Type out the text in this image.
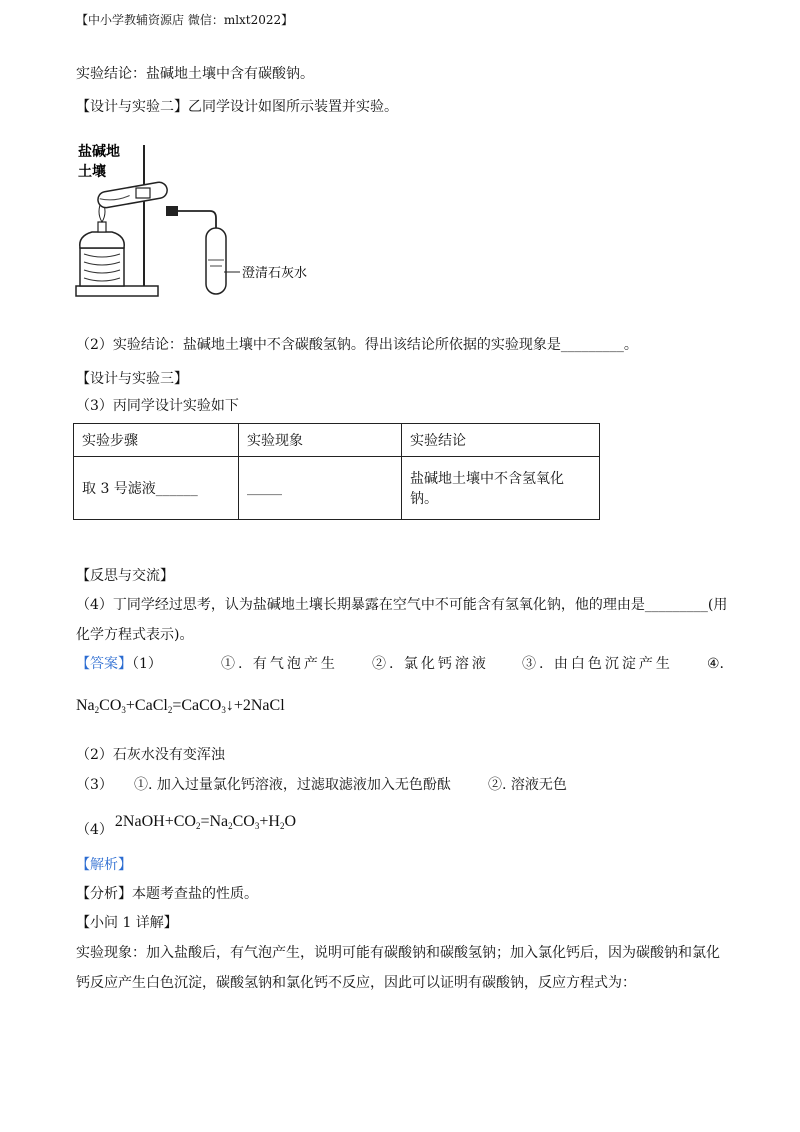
【中小学教辅资源店 微信：mlxt2022】
实验结论：盐碱地土壤中含有碳酸钠。
【设计与实验二】乙同学设计如图所示装置并实验。
盐碱地
土壤
澄清石灰水
（2）实验结论：盐碱地土壤中不含碳酸氢钠。得出该结论所依据的实验现象是_________。
【设计与实验三】
（3）丙同学设计实验如下
实验步骤	实验现象	实验结论
取 3 号滤液______	_____	盐碱地土壤中不含氢氧化钠。
【反思与交流】
（4）丁同学经过思考，认为盐碱地土壤长期暴露在空气中不可能含有氢氧化钠，他的理由是_________(用
化学方程式表示)。
【答案】（1）	①. 有气泡产生 ②. 氯化钙溶液 ③. 由白色沉淀产生 ④.
$Na_2CO_3+CaCl_2=CaCO_3↓+2NaCl$
（2）石灰水没有变浑浊
（3） ①. 加入过量氯化钙溶液，过滤取滤液加入无色酚酞	②. 溶液无色
（4） $2NaOH+CO_2=Na_2CO_3+H_2O$
【解析】
【分析】本题考查盐的性质。
【小问 1 详解】
实验现象：加入盐酸后，有气泡产生，说明可能有碳酸钠和碳酸氢钠；加入氯化钙后，因为碳酸钠和氯化
钙反应产生白色沉淀，碳酸氢钠和氯化钙不反应，因此可以证明有碳酸钠，反应方程式为：
